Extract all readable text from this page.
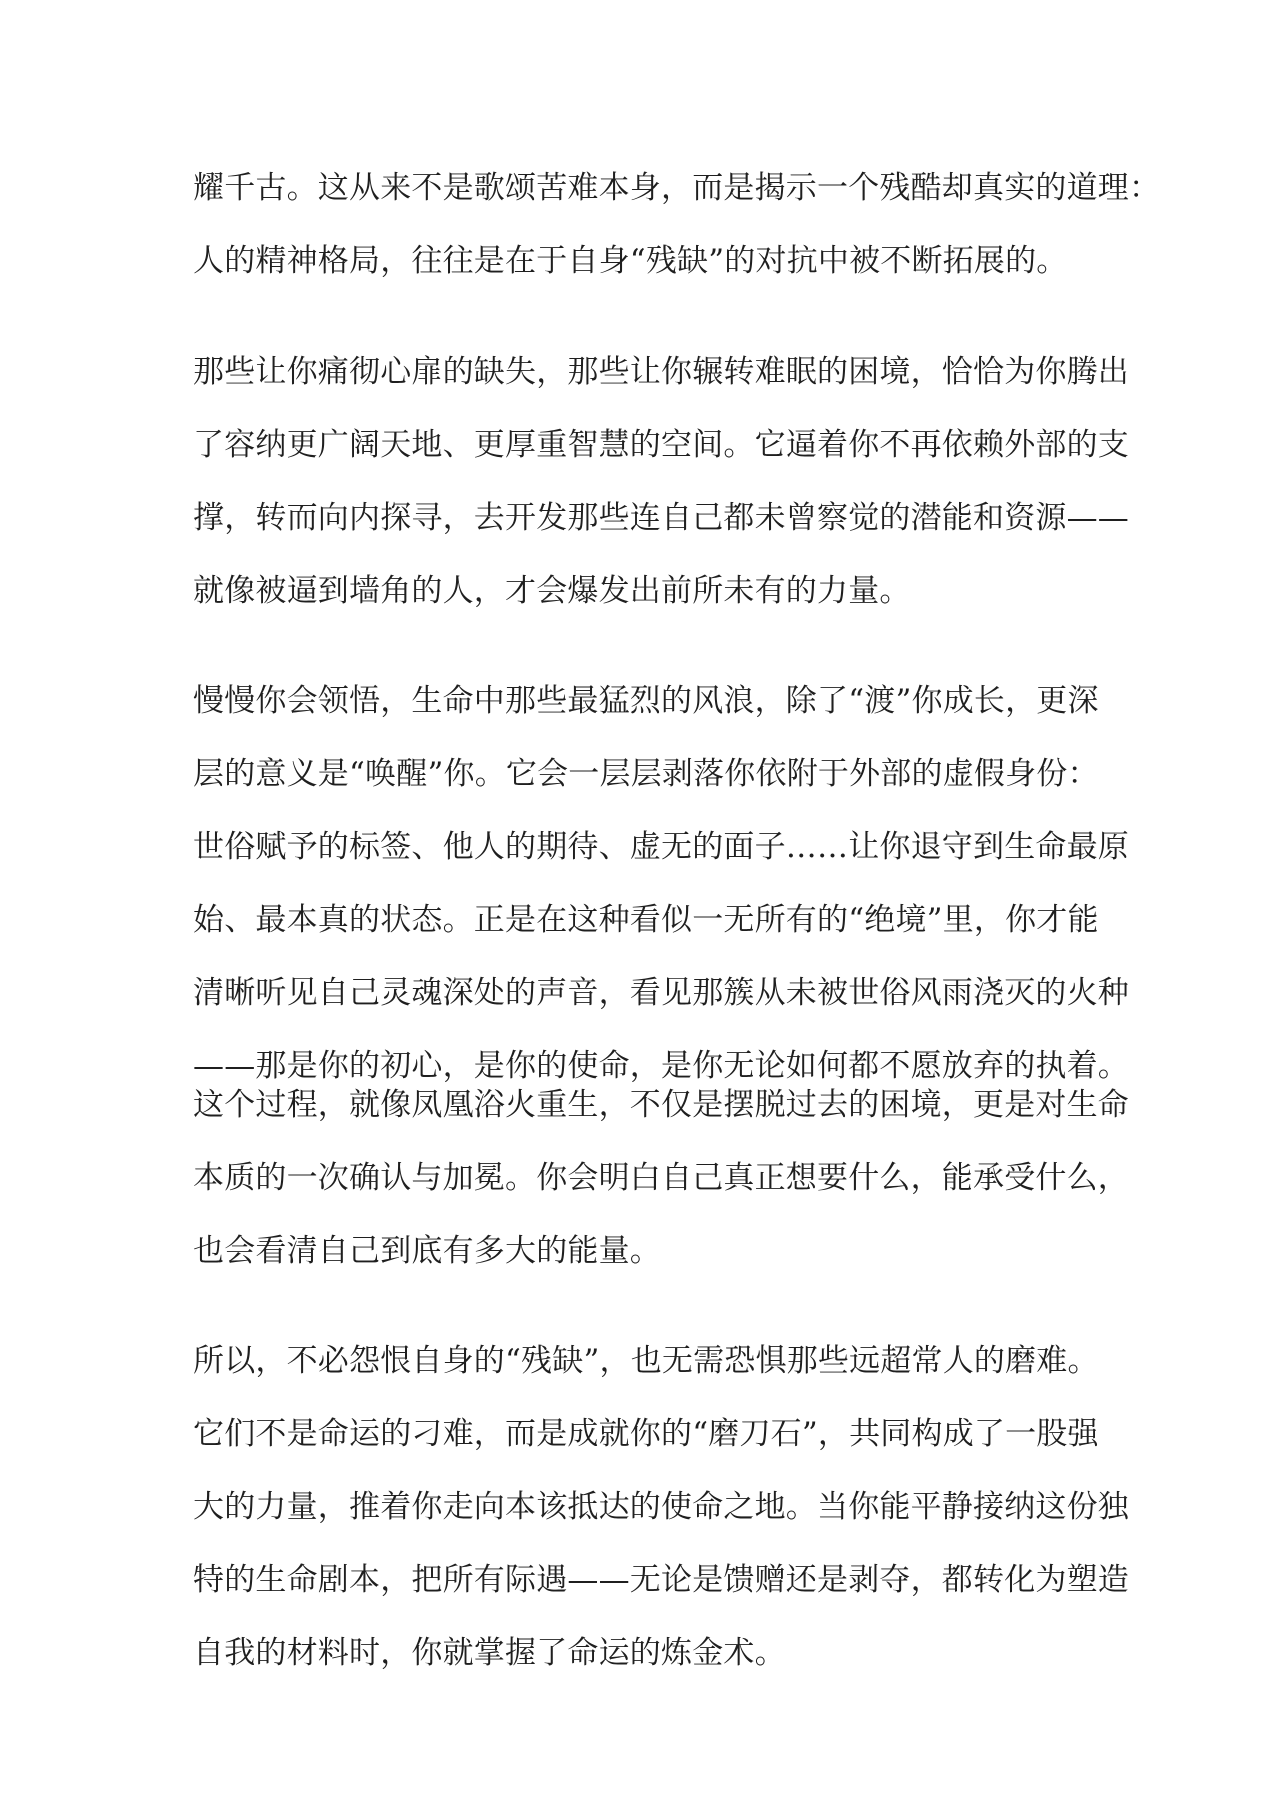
耀千古。这从来不是歌颂苦难本身，而是揭示一个残酷却真实的道理：
人的精神格局，往往是在于自身“残缺”的对抗中被不断拓展的。
那些让你痛彻心扉的缺失，那些让你辗转难眠的困境，恰恰为你腾出
了容纳更广阔天地、更厚重智慧的空间。它逼着你不再依赖外部的支
撑，转而向内探寻，去开发那些连自己都未曾察觉的潜能和资源——
就像被逼到墙角的人，才会爆发出前所未有的力量。
慢慢你会领悟，生命中那些最猛烈的风浪，除了“渡”你成长，更深
层的意义是“唤醒”你。它会一层层剥落你依附于外部的虚假身份：
世俗赋予的标签、他人的期待、虚无的面子……让你退守到生命最原
始、最本真的状态。正是在这种看似一无所有的“绝境”里，你才能
清晰听见自己灵魂深处的声音，看见那簇从未被世俗风雨浇灭的火种
——那是你的初心，是你的使命，是你无论如何都不愿放弃的执着。
这个过程，就像凤凰浴火重生，不仅是摆脱过去的困境，更是对生命
本质的一次确认与加冕。你会明白自己真正想要什么，能承受什么，
也会看清自己到底有多大的能量。
所以，不必怨恨自身的“残缺”，也无需恐惧那些远超常人的磨难。
它们不是命运的刁难，而是成就你的“磨刀石”，共同构成了一股强
大的力量，推着你走向本该抵达的使命之地。当你能平静接纳这份独
特的生命剧本，把所有际遇——无论是馈赠还是剥夺，都转化为塑造
自我的材料时，你就掌握了命运的炼金术。
